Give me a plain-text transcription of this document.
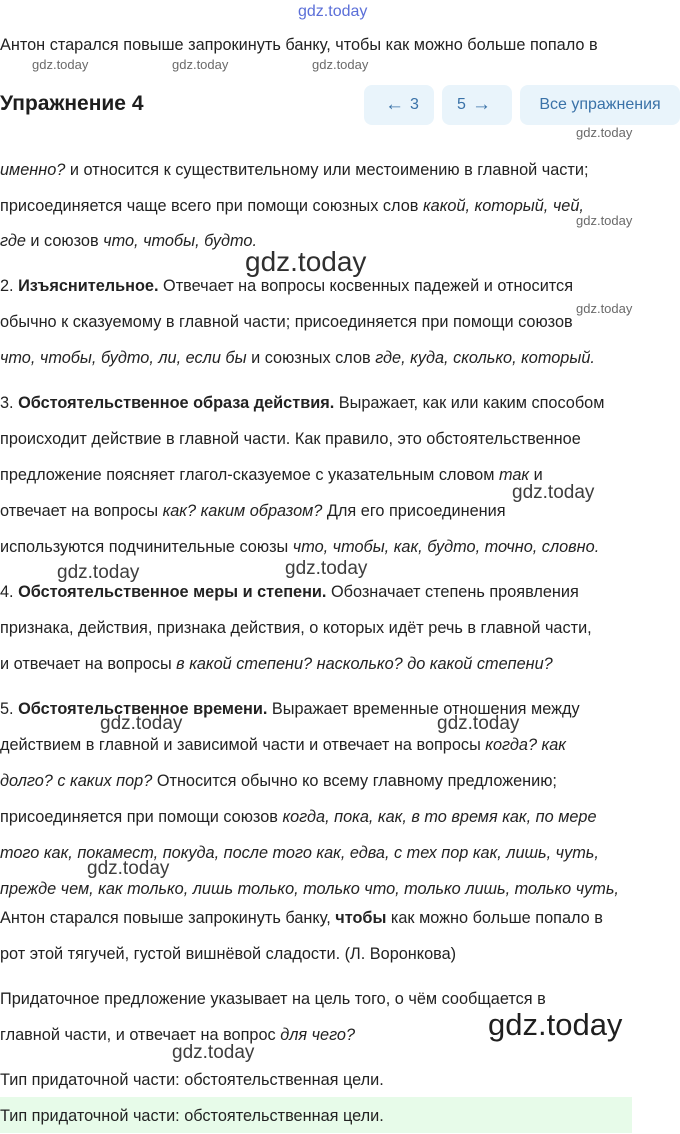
gdz.today
gdz.today	gdz.today	gdz.today
gdz.today
gdz.today
gdz.today
gdz.today
gdz.today
gdz.today	gdz.today
gdz.today	gdz.today
gdz.today
gdz.today
gdz.today
Антон старался повыше запрокинуть банку, чтобы как можно больше попало в
Упражнение 4	← 3 5 →	Все упражнения
именно? и относится к существительному или местоимению в главной части;
присоединяется чаще всего при помощи союзных слов какой, который, чей,
где и союзов что, чтобы, будто.
2. Изъяснительное. Отвечает на вопросы косвенных падежей и относится
обычно к сказуемому в главной части; присоединяется при помощи союзов
что, чтобы, будто, ли, если бы и союзных слов где, куда, сколько, который.
3. Обстоятельственное образа действия. Выражает, как или каким способом
происходит действие в главной части. Как правило, это обстоятельственное
предложение поясняет глагол-сказуемое с указательным словом так и
отвечает на вопросы как? каким образом? Для его присоединения
используются подчинительные союзы что, чтобы, как, будто, точно, словно.
4. Обстоятельственное меры и степени. Обозначает степень проявления
признака, действия, признака действия, о которых идёт речь в главной части,
и отвечает на вопросы в какой степени? насколько? до какой степени?
5. Обстоятельственное времени. Выражает временные отношения между
действием в главной и зависимой части и отвечает на вопросы когда? как
долго? с каких пор? Относится обычно ко всему главному предложению;
присоединяется при помощи союзов когда, пока, как, в то время как, по мере
того как, покамест, покуда, после того как, едва, с тех пор как, лишь, чуть,
прежде чем, как только, лишь только, только что, только лишь, только чуть,
Антон старался повыше запрокинуть банку, чтобы как можно больше попало в
рот этой тягучей, густой вишнёвой сладости. (Л. Воронкова)
Придаточное предложение указывает на цель того, о чём сообщается в
главной части, и отвечает на вопрос для чего?
Тип придаточной части: обстоятельственная цели.
Тип придаточной части: обстоятельственная цели.
